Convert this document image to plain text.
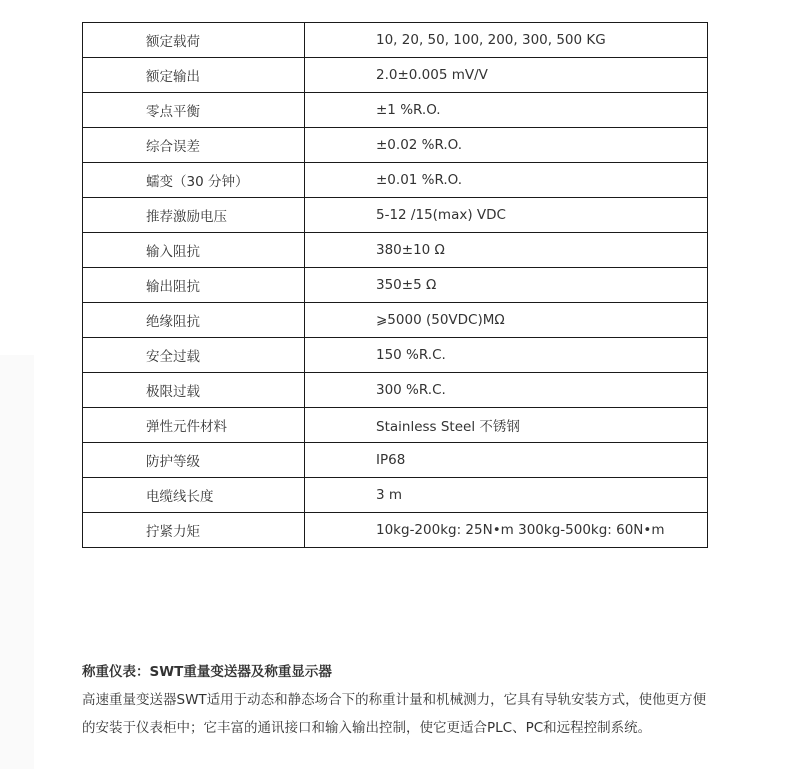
额定载荷	10, 20, 50, 100, 200, 300, 500 KG
额定输出	2.0±0.005 mV/V
零点平衡	±1 %R.O.
综合误差	±0.02 %R.O.
蠕变（30 分钟）	±0.01 %R.O.
推荐激励电压	5-12 /15(max) VDC
输入阻抗	380±10 Ω
输出阻抗	350±5 Ω
绝缘阻抗	⩾5000 (50VDC)MΩ
安全过载	150 %R.C.
极限过载	300 %R.C.
弹性元件材料	Stainless Steel 不锈钢
防护等级	IP68
电缆线长度	3 m
拧紧力矩	10kg-200kg: 25N•m 300kg-500kg: 60N•m
称重仪表：SWT重量变送器及称重显示器
高速重量变送器SWT适用于动态和静态场合下的称重计量和机械测力，它具有导轨安装方式，使他更方便的安装于仪表柜中；它丰富的通讯接口和输入输出控制，使它更适合PLC、PC和远程控制系统。
